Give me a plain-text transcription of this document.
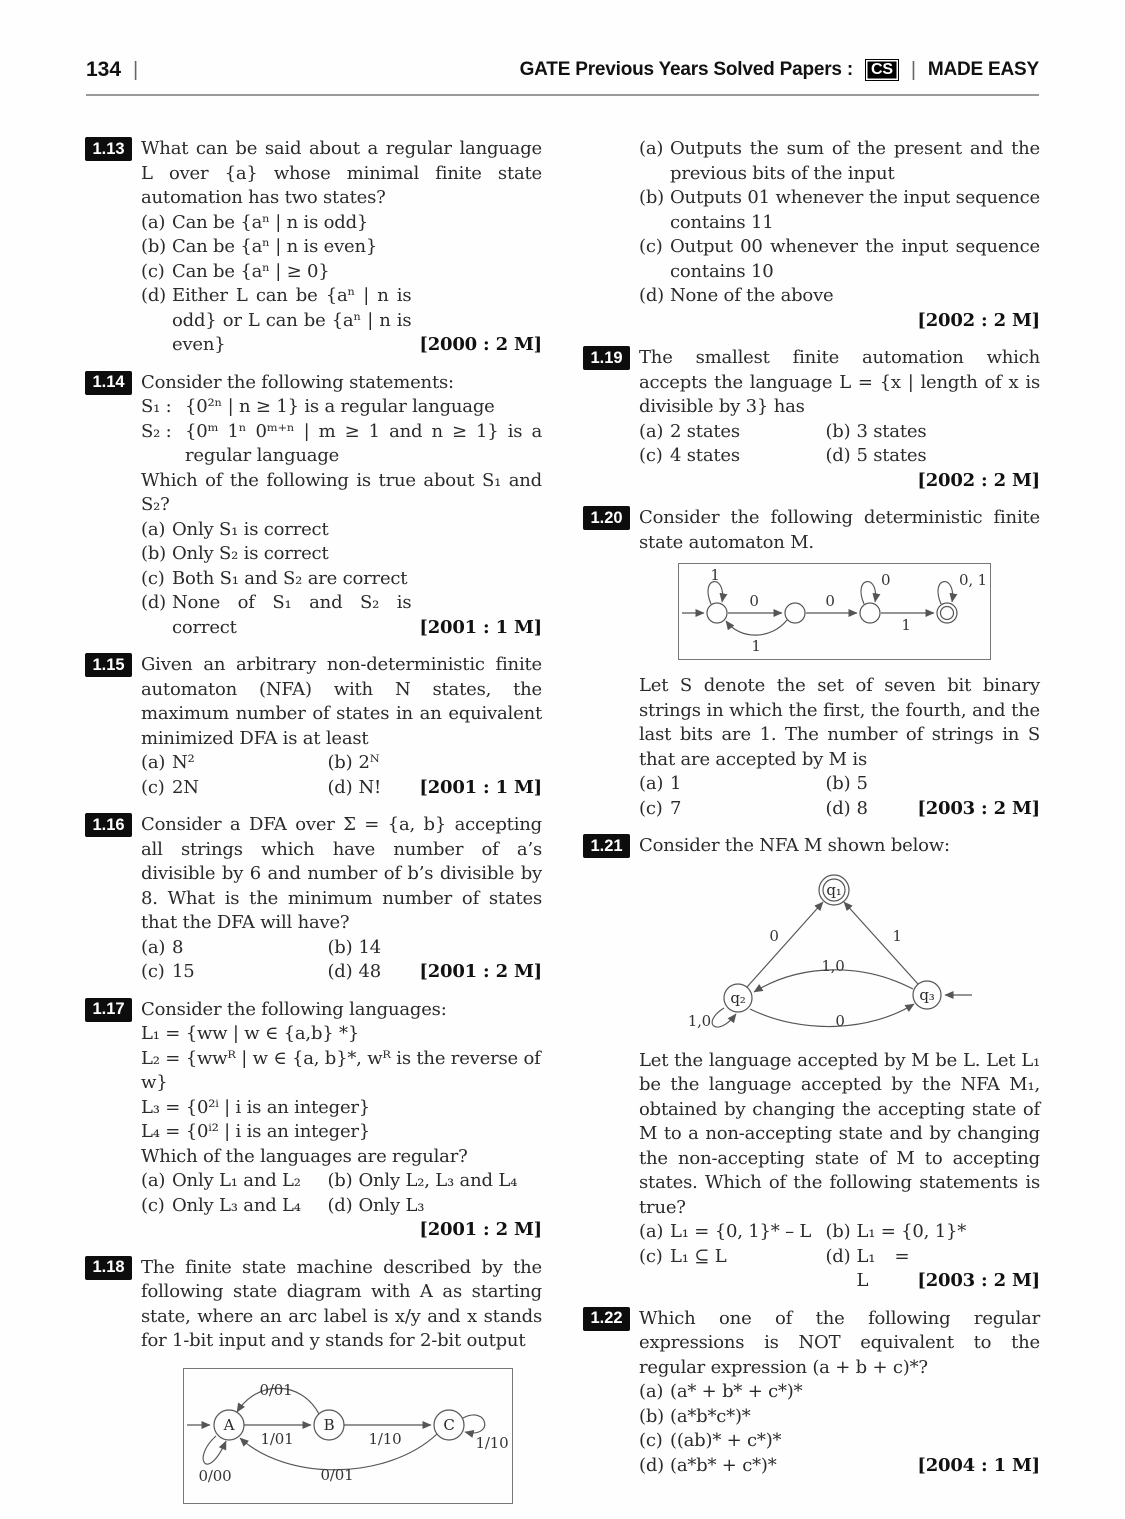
134 |	GATE Previous Years Solved Papers :	CS | MADE EASY
1.13 What can be said about a regular language L over {a} whose minimal finite state automation has two states?
(a) Can be {aⁿ | n is odd}
(b) Can be {aⁿ | n is even}
(c) Can be {aⁿ | ≥ 0}
(d) Either L can be {aⁿ | n is odd} or L can be {aⁿ | n is even}	[2000 : 2 M]
1.14 Consider the following statements:
S₁ : {0²ⁿ | n ≥ 1} is a regular language
S₂ : {0ᵐ 1ⁿ 0ᵐ⁺ⁿ | m ≥ 1 and n ≥ 1} is a regular language
Which of the following is true about S₁ and S₂?
(a) Only S₁ is correct
(b) Only S₂ is correct
(c) Both S₁ and S₂ are correct
(d) None of S₁ and S₂ is correct	[2001 : 1 M]
1.15 Given an arbitrary non-deterministic finite automaton (NFA) with N states, the maximum number of states in an equivalent minimized DFA is at least
(a) N²	(b) 2ᴺ
(c) 2N	(d) N!	[2001 : 1 M]
1.16 Consider a DFA over Σ = {a, b} accepting all strings which have number of a’s divisible by 6 and number of b’s divisible by 8. What is the minimum number of states that the DFA will have?
(a) 8	(b) 14
(c) 15	(d) 48	[2001 : 2 M]
1.17 Consider the following languages:
L₁ = {ww | w ∈ {a,b} *}
L₂ = {wwᴿ | w ∈ {a, b}*, wᴿ is the reverse of w}
L₃ = {0²ⁱ | i is an integer}
L₄ = {0ⁱ² | i is an integer}
Which of the languages are regular?
(a) Only L₁ and L₂	(b) Only L₂, L₃ and L₄
(c) Only L₃ and L₄	(d) Only L₃
[2001 : 2 M]
1.18 The finite state machine described by the following state diagram with A as starting state, where an arc label is x/y and x stands for 1-bit input and y stands for 2-bit output
A	B	C
1/01	1/10
0/01
0/00
1/10
0/01
(a) Outputs the sum of the present and the previous bits of the input
(b) Outputs 01 whenever the input sequence contains 11
(c) Output 00 whenever the input sequence contains 10
(d) None of the above
[2002 : 2 M]
1.19 The smallest finite automation which accepts the language L = {x | length of x is divisible by 3} has
(a) 2 states	(b) 3 states
(c) 4 states	(d) 5 states
[2002 : 2 M]
1.20 Consider the following deterministic finite state automaton M.
1
0
1
0
0
1
0, 1
Let S denote the set of seven bit binary strings in which the first, the fourth, and the last bits are 1. The number of strings in S that are accepted by M is
(a) 1	(b) 5
(c) 7	(d) 8	[2003 : 2 M]
1.21 Consider the NFA M shown below:
q₁
q₂	q₃
0	1
1,0
0
1,0
Let the language accepted by M be L. Let L₁ be the language accepted by the NFA M₁, obtained by changing the accepting state of M to a non-accepting state and by changing the non-accepting state of M to accepting states. Which of the following statements is true?
(a) L₁ = {0, 1}* – L (b) L₁ = {0, 1}*
(c) L₁ ⊆ L	(d) L₁ = L	[2003 : 2 M]
1.22 Which one of the following regular expressions is NOT equivalent to the regular expression (a + b + c)*?
(a) (a* + b* + c*)*
(b) (a*b*c*)*
(c) ((ab)* + c*)*
(d) (a*b* + c*)*	[2004 : 1 M]
